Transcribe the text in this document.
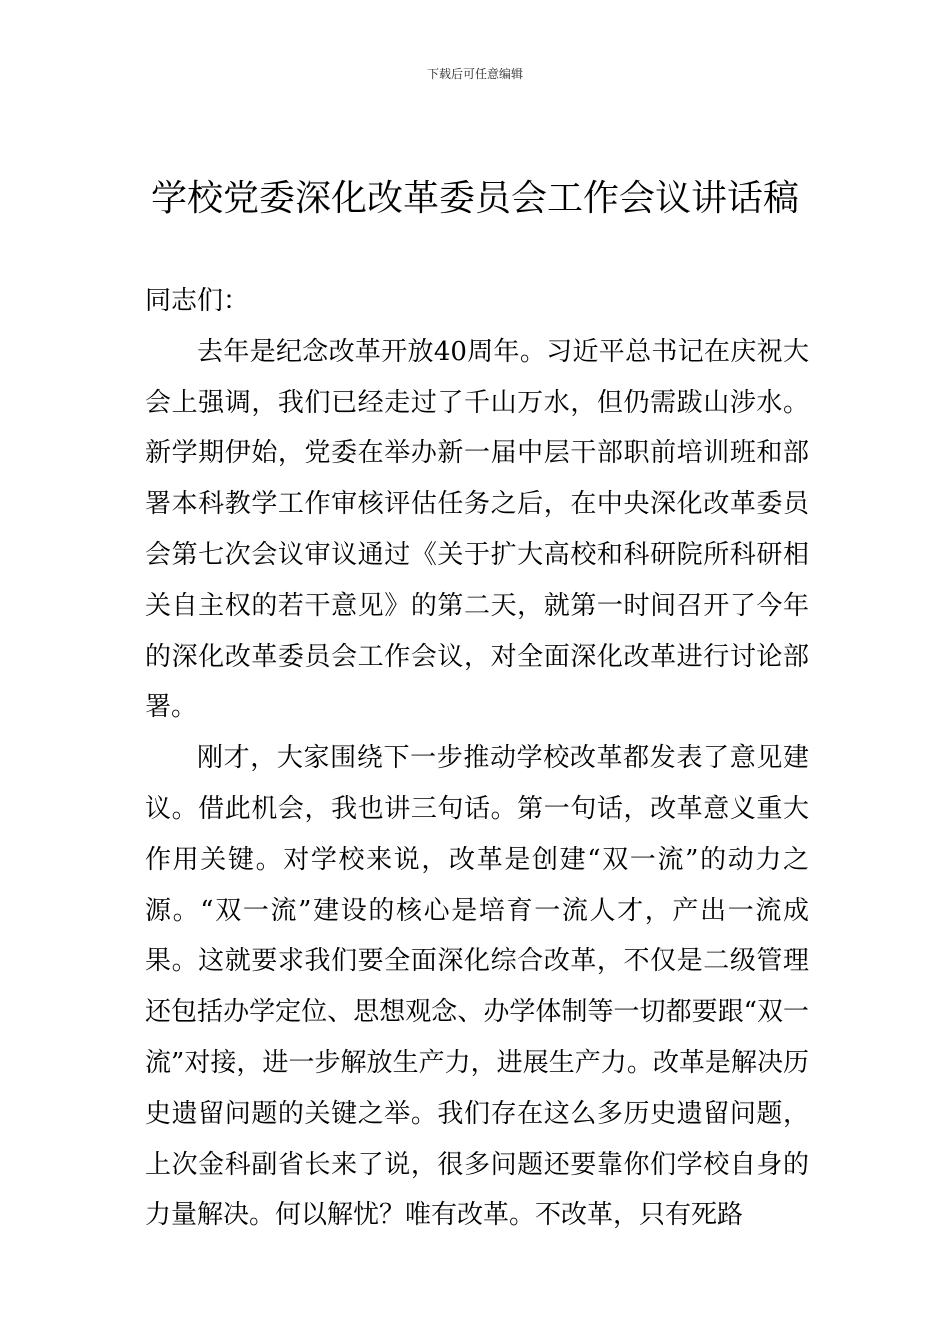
下载后可任意编辑
学校党委深化改革委员会工作会议讲话稿

同志们：

去年是纪念改革开放40周年。习近平总书记在庆祝大会上强调，我们已经走过了千山万水，但仍需跋山涉水。新学期伊始，党委在举办新一届中层干部职前培训班和部署本科教学工作审核评估任务之后，在中央深化改革委员会第七次会议审议通过《关于扩大高校和科研院所科研相关自主权的若干意见》的第二天，就第一时间召开了今年的深化改革委员会工作会议，对全面深化改革进行讨论部署。

刚才，大家围绕下一步推动学校改革都发表了意见建议。借此机会，我也讲三句话。第一句话，改革意义重大作用关键。对学校来说，改革是创建“双一流”的动力之源。“双一流”建设的核心是培育一流人才，产出一流成果。这就要求我们要全面深化综合改革，不仅是二级管理还包括办学定位、思想观念、办学体制等一切都要跟“双一流”对接，进一步解放生产力，进展生产力。改革是解决历史遗留问题的关键之举。我们存在这么多历史遗留问题，上次金科副省长来了说，很多问题还要靠你们学校自身的力量解决。何以解忧？唯有改革。不改革，只有死路
